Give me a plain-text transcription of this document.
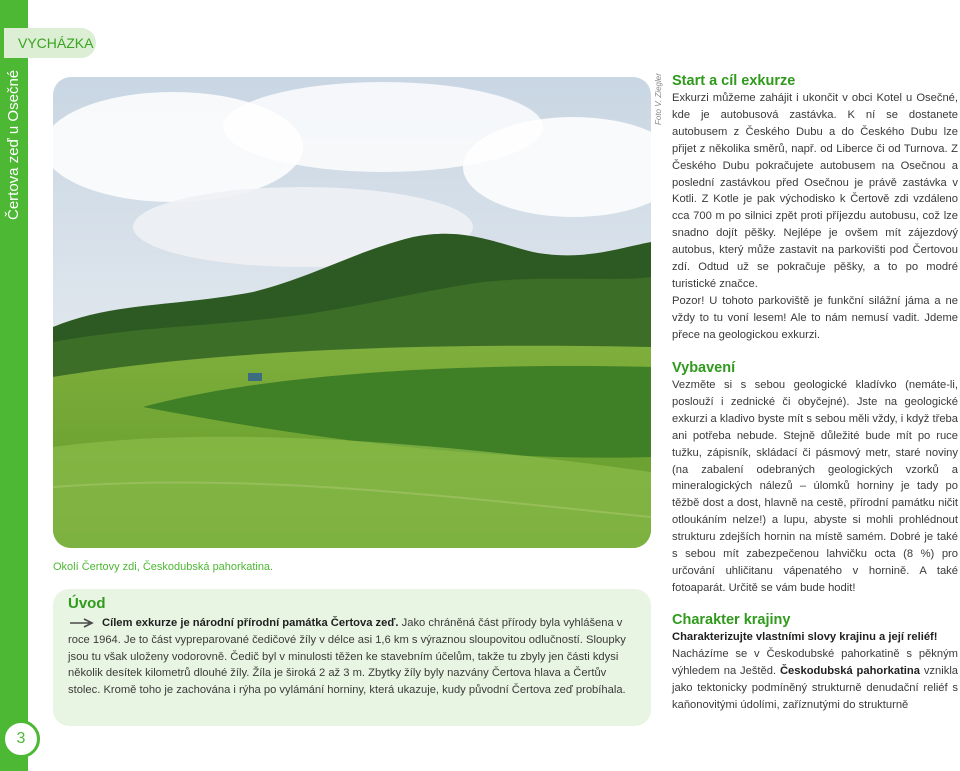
Čertova zeď u Osečné
VYCHÁZKA
3
Foto V. Ziegler
Okolí Čertovy zdi, Českodubská pahorkatina.
Úvod
Cílem exkurze je národní přírodní památka Čertova zeď. Jako chráněná část přírody byla vyhlášena v roce 1964. Je to část vypreparované čedičové žíly v délce asi 1,6 km s výraznou sloupovitou odlučností. Sloupky jsou tu však uloženy vodorovně. Čedič byl v minulosti těžen ke stavebním účelům, takže tu zbyly jen části kdysi několik desítek kilometrů dlouhé žíly. Žíla je široká 2 až 3 m. Zbytky žíly byly nazvány Čertova hlava a Čertův stolec. Kromě toho je zachována i rýha po vylámání horniny, která ukazuje, kudy původní Čertova zeď probíhala.
Start a cíl exkurze

Exkurzi můžeme zahájit i ukončit v obci Kotel u Osečné, kde je autobusová zastávka. K ní se dostanete autobusem z Českého Dubu a do Českého Dubu lze přijet z několika směrů, např. od Liberce či od Turnova. Z Českého Dubu pokračujete autobusem na Osečnou a poslední zastávkou před Osečnou je právě zastávka v Kotli. Z Kotle je pak východisko k Čertově zdi vzdáleno cca 700 m po silnici zpět proti příjezdu autobusu, což lze snadno dojít pěšky. Nejlépe je ovšem mít zájezdový autobus, který může zastavit na parkovišti pod Čertovou zdí. Odtud už se pokračuje pěšky, a to po modré turistické značce.

Pozor! U tohoto parkoviště je funkční silážní jáma a ne vždy to tu voní lesem! Ale to nám nemusí vadit. Jdeme přece na geologickou exkurzi.

Vybavení

Vezměte si s sebou geologické kladívko (nemáte-li, poslouží i zednické či obyčejné). Jste na geologické exkurzi a kladivo byste mít s sebou měli vždy, i když třeba ani potřeba nebude. Stejně důležité bude mít po ruce tužku, zápisník, skládací či pásmový metr, staré noviny (na zabalení odebraných geologických vzorků a mineralogických nálezů – úlomků horniny je tady po těžbě dost a dost, hlavně na cestě, přírodní památku ničit otloukáním nelze!) a lupu, abyste si mohli prohlédnout strukturu zdejších hornin na místě samém. Dobré je také s sebou mít zabezpečenou lahvičku octa (8 %) pro určování uhličitanu vápenatého v hornině. A také fotoaparát. Určitě se vám bude hodit!

Charakter krajiny

Charakterizujte vlastními slovy krajinu a její reliéf!

Nacházíme se v Českodubské pahorkatině s pěkným výhledem na Ještěd. Českodubská pahorkatina vznikla jako tektonicky podmíněný strukturně denudační reliéf s kaňonovitými údolími, zaříznutými do strukturně
